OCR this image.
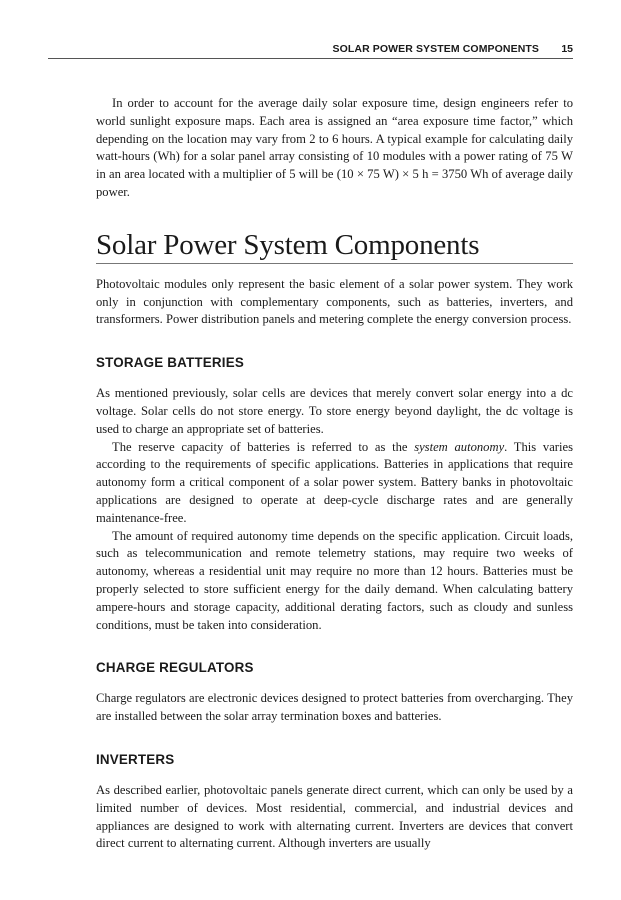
SOLAR POWER SYSTEM COMPONENTS 15

In order to account for the average daily solar exposure time, design engineers refer to world sunlight exposure maps. Each area is assigned an “area exposure time factor,” which depending on the location may vary from 2 to 6 hours. A typical example for calculating daily watt-hours (Wh) for a solar panel array consisting of 10 modules with a power rating of 75 W in an area located with a multiplier of 5 will be (10 × 75 W) × 5 h = 3750 Wh of average daily power.

Solar Power System Components

Photovoltaic modules only represent the basic element of a solar power system. They work only in conjunction with complementary components, such as batteries, inverters, and transformers. Power distribution panels and metering complete the energy conversion process.

STORAGE BATTERIES

As mentioned previously, solar cells are devices that merely convert solar energy into a dc voltage. Solar cells do not store energy. To store energy beyond daylight, the dc voltage is used to charge an appropriate set of batteries.

The reserve capacity of batteries is referred to as the system autonomy. This varies according to the requirements of specific applications. Batteries in applications that require autonomy form a critical component of a solar power system. Battery banks in photovoltaic applications are designed to operate at deep-cycle discharge rates and are generally maintenance-free.

The amount of required autonomy time depends on the specific application. Circuit loads, such as telecommunication and remote telemetry stations, may require two weeks of autonomy, whereas a residential unit may require no more than 12 hours. Batteries must be properly selected to store sufficient energy for the daily demand. When calculating battery ampere-hours and storage capacity, additional derating factors, such as cloudy and sunless conditions, must be taken into consideration.

CHARGE REGULATORS

Charge regulators are electronic devices designed to protect batteries from overcharging. They are installed between the solar array termination boxes and batteries.

INVERTERS

As described earlier, photovoltaic panels generate direct current, which can only be used by a limited number of devices. Most residential, commercial, and industrial devices and appliances are designed to work with alternating current. Inverters are devices that convert direct current to alternating current. Although inverters are usually
